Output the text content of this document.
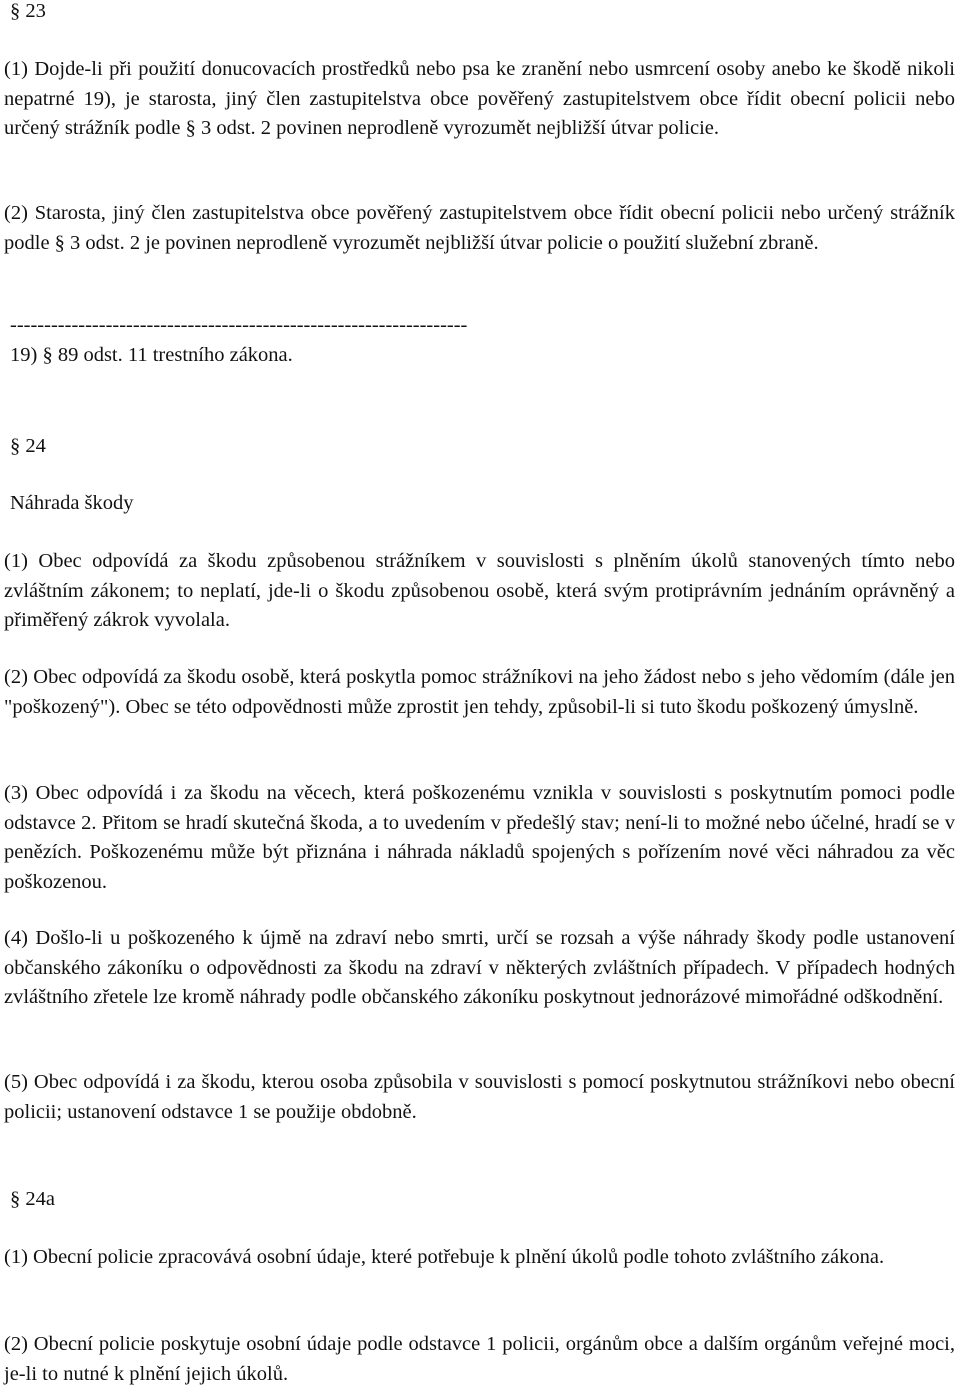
§ 23

(1) Dojde-li při použití donucovacích prostředků nebo psa ke zranění nebo usmrcení osoby anebo ke škodě nikoli nepatrné 19), je starosta, jiný člen zastupitelstva obce pověřený zastupitelstvem obce řídit obecní policii nebo určený strážník podle § 3 odst. 2 povinen neprodleně vyrozumět nejbližší útvar policie.

(2) Starosta, jiný člen zastupitelstva obce pověřený zastupitelstvem obce řídit obecní policii nebo určený strážník podle § 3 odst. 2 je povinen neprodleně vyrozumět nejbližší útvar policie o použití služební zbraně.

-------------------------------------------------------------------

19) § 89 odst. 11 trestního zákona.

§ 24

Náhrada škody

(1) Obec odpovídá za škodu způsobenou strážníkem v souvislosti s plněním úkolů stanovených tímto nebo zvláštním zákonem; to neplatí, jde-li o škodu způsobenou osobě, která svým protiprávním jednáním oprávněný a přiměřený zákrok vyvolala.

(2) Obec odpovídá za škodu osobě, která poskytla pomoc strážníkovi na jeho žádost nebo s jeho vědomím (dále jen "poškozený"). Obec se této odpovědnosti může zprostit jen tehdy, způsobil-li si tuto škodu poškozený úmyslně.

(3) Obec odpovídá i za škodu na věcech, která poškozenému vznikla v souvislosti s poskytnutím pomoci podle odstavce 2. Přitom se hradí skutečná škoda, a to uvedením v předešlý stav; není-li to možné nebo účelné, hradí se v penězích. Poškozenému může být přiznána i náhrada nákladů spojených s pořízením nové věci náhradou za věc poškozenou.

(4) Došlo-li u poškozeného k újmě na zdraví nebo smrti, určí se rozsah a výše náhrady škody podle ustanovení občanského zákoníku o odpovědnosti za škodu na zdraví v některých zvláštních případech. V případech hodných zvláštního zřetele lze kromě náhrady podle občanského zákoníku poskytnout jednorázové mimořádné odškodnění.

(5) Obec odpovídá i za škodu, kterou osoba způsobila v souvislosti s pomocí poskytnutou strážníkovi nebo obecní policii; ustanovení odstavce 1 se použije obdobně.

§ 24a

(1) Obecní policie zpracovává osobní údaje, které potřebuje k plnění úkolů podle tohoto zvláštního zákona.

(2) Obecní policie poskytuje osobní údaje podle odstavce 1 policii, orgánům obce a dalším orgánům veřejné moci, je-li to nutné k plnění jejich úkolů.
